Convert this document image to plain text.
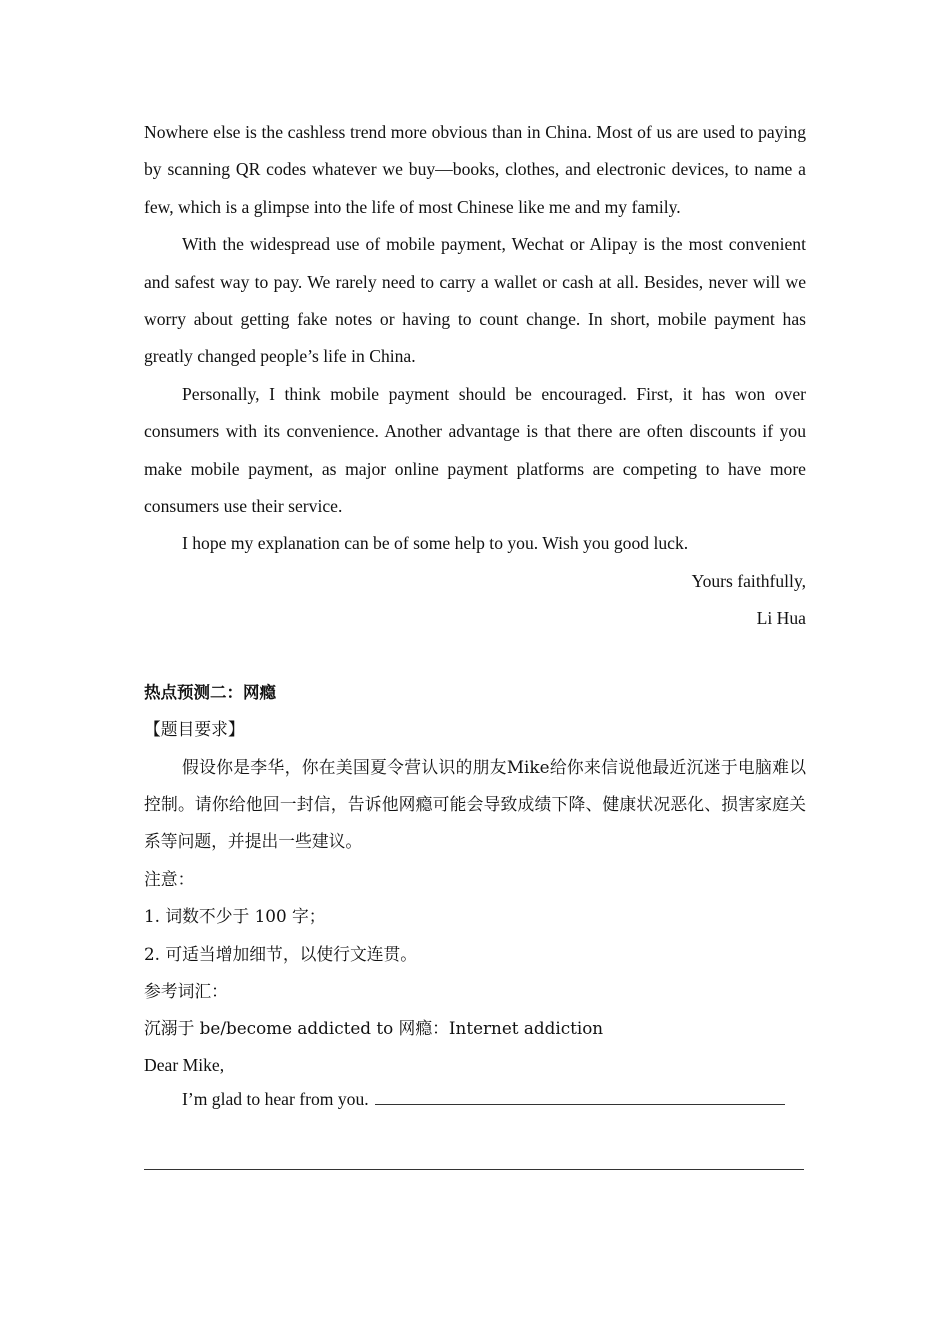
Nowhere else is the cashless trend more obvious than in China. Most of us are used to paying by scanning QR codes whatever we buy—books, clothes, and electronic devices, to name a few, which is a glimpse into the life of most Chinese like me and my family.

With the widespread use of mobile payment, Wechat or Alipay is the most convenient and safest way to pay. We rarely need to carry a wallet or cash at all. Besides, never will we worry about getting fake notes or having to count change. In short, mobile payment has greatly changed people’s life in China.

Personally, I think mobile payment should be encouraged. First, it has won over consumers with its convenience. Another advantage is that there are often discounts if you make mobile payment, as major online payment platforms are competing to have more consumers use their service.

I hope my explanation can be of some help to you. Wish you good luck.

Yours faithfully,

Li Hua

热点预测二：网瘾

【题目要求】

假设你是李华，你在美国夏令营认识的朋友Mike给你来信说他最近沉迷于电脑难以控制。请你给他回一封信，告诉他网瘾可能会导致成绩下降、健康状况恶化、损害家庭关系等问题，并提出一些建议。

注意：

1. 词数不少于 100 字；

2. 可适当增加细节，以使行文连贯。

参考词汇：

沉溺于 be/become addicted to 网瘾：Internet addiction

Dear Mike,

I’m glad to hear from you.
